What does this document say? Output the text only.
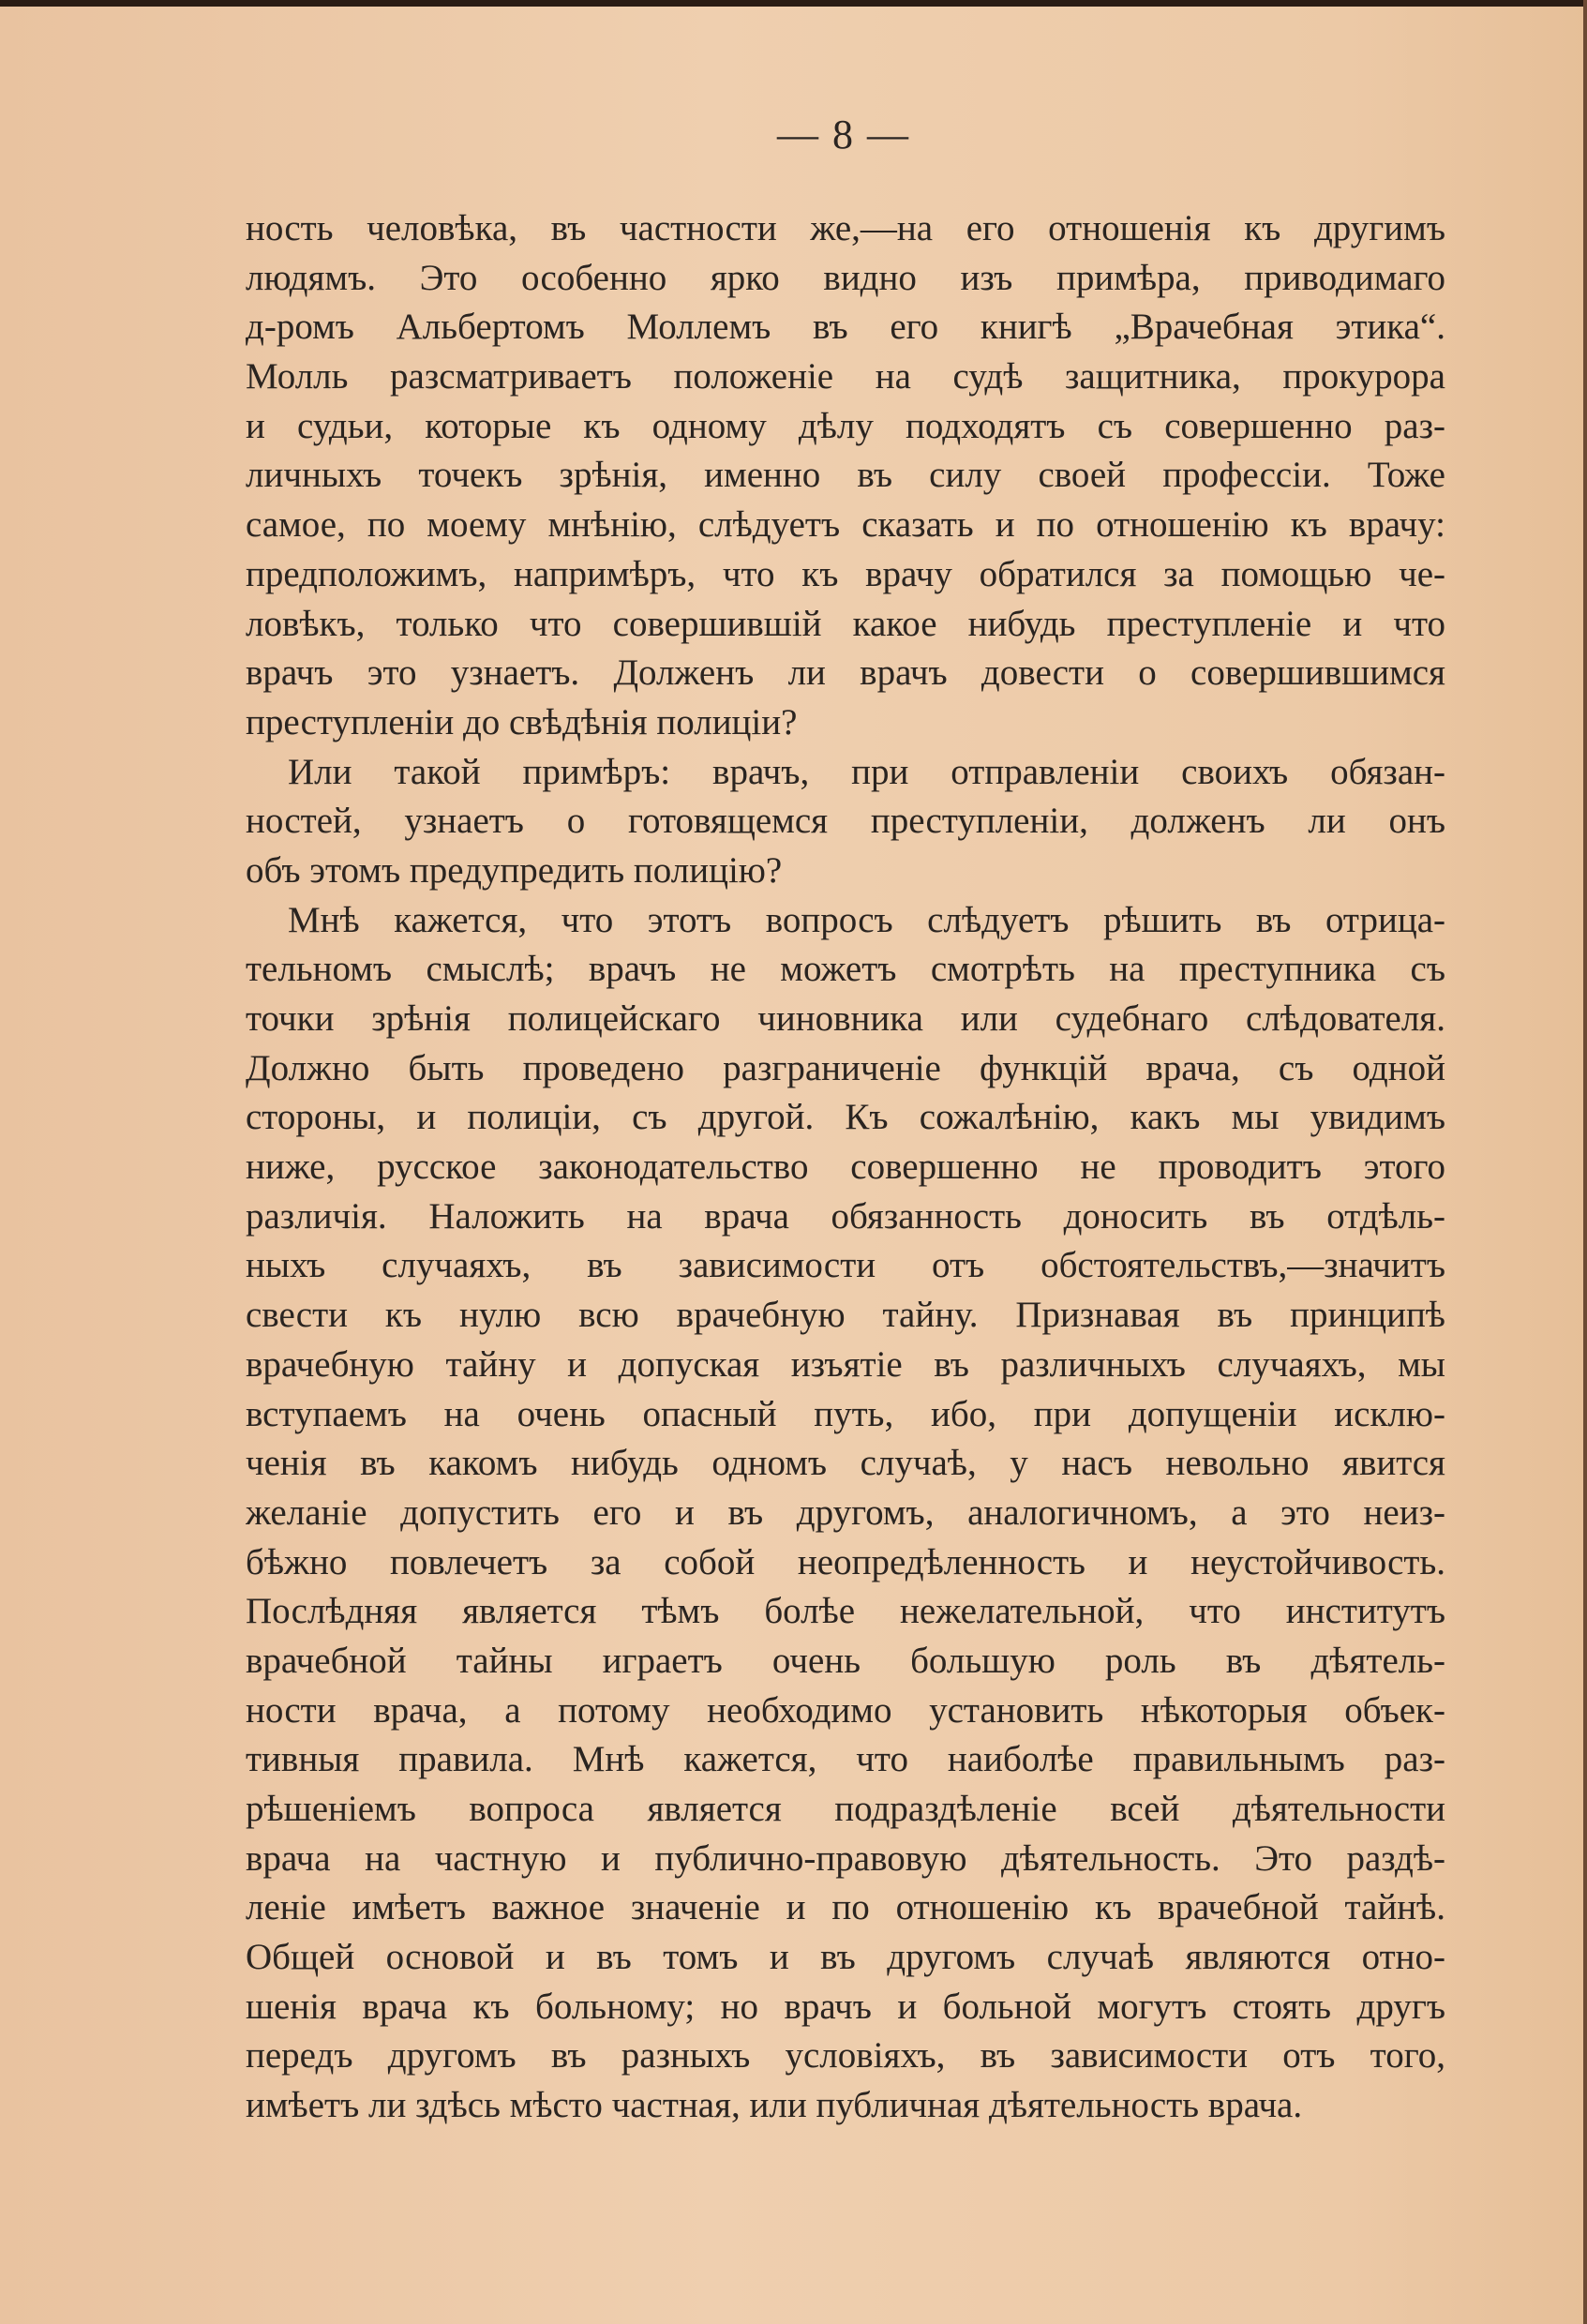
— 8 —
ность человѣка, въ частности же,—на его отношенія къ другимъ
людямъ. Это особенно ярко видно изъ примѣра, приводимаго
д-ромъ Альбертомъ Моллемъ въ его книгѣ „Врачебная этика“.
Молль разсматриваетъ положеніе на судѣ защитника, прокурора
и судьи, которые къ одному дѣлу подходятъ съ совершенно раз-
личныхъ точекъ зрѣнія, именно въ силу своей профессіи. Тоже
самое, по моему мнѣнію, слѣдуетъ сказать и по отношенію къ врачу:
предположимъ, напримѣръ, что къ врачу обратился за помощью че-
ловѣкъ, только что совершившій какое нибудь преступленіе и что
врачъ это узнаетъ. Долженъ ли врачъ довести о совершившимся
преступленіи до свѣдѣнія полиціи?
Или такой примѣръ: врачъ, при отправленіи своихъ обязан-
ностей, узнаетъ о готовящемся преступленіи, долженъ ли онъ
объ этомъ предупредить полицію?
Мнѣ кажется, что этотъ вопросъ слѣдуетъ рѣшить въ отрица-
тельномъ смыслѣ; врачъ не можетъ смотрѣть на преступника съ
точки зрѣнія полицейскаго чиновника или судебнаго слѣдователя.
Должно быть проведено разграниченіе функцій врача, съ одной
стороны, и полиціи, съ другой. Къ сожалѣнію, какъ мы увидимъ
ниже, русское законодательство совершенно не проводитъ этого
различія. Наложить на врача обязанность доносить въ отдѣль-
ныхъ случаяхъ, въ зависимости отъ обстоятельствъ,—значитъ
свести къ нулю всю врачебную тайну. Признавая въ принципѣ
врачебную тайну и допуская изъятіе въ различныхъ случаяхъ, мы
вступаемъ на очень опасный путь, ибо, при допущеніи исклю-
ченія въ какомъ нибудь одномъ случаѣ, у насъ невольно явится
желаніе допустить его и въ другомъ, аналогичномъ, а это неиз-
бѣжно повлечетъ за собой неопредѣленность и неустойчивость.
Послѣдняя является тѣмъ болѣе нежелательной, что институтъ
врачебной тайны играетъ очень большую роль въ дѣятель-
ности врача, а потому необходимо установить нѣкоторыя объек-
тивныя правила. Мнѣ кажется, что наиболѣе правильнымъ раз-
рѣшеніемъ вопроса является подраздѣленіе всей дѣятельности
врача на частную и публично-правовую дѣятельность. Это раздѣ-
леніе имѣетъ важное значеніе и по отношенію къ врачебной тайнѣ.
Общей основой и въ томъ и въ другомъ случаѣ являются отно-
шенія врача къ больному; но врачъ и больной могутъ стоять другъ
передъ другомъ въ разныхъ условіяхъ, въ зависимости отъ того,
имѣетъ ли здѣсь мѣсто частная, или публичная дѣятельность врача.
